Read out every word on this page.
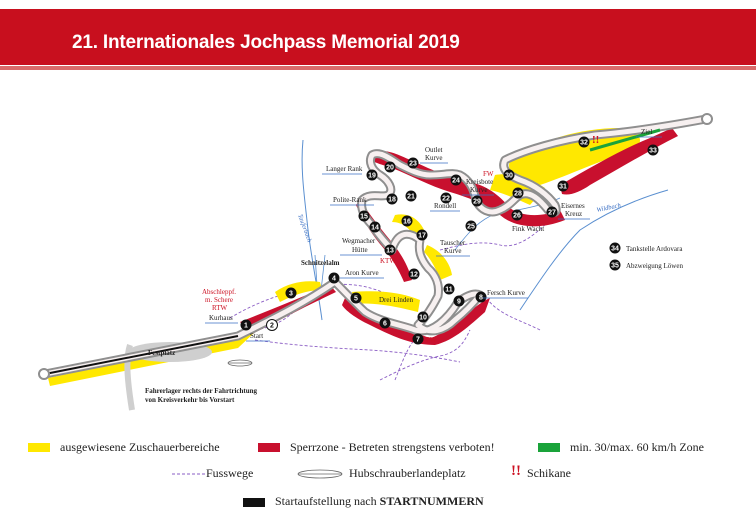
21. Internationales Jochpass Memorial 2019
1	2
3
4
5
6
7
8
9
10
11
12
13
14
15
16
17
18
19
20
21	22
23
24
25
26	27
28
29
30
31
32
33
34
35
!!
Langer Rank
Outlet
Kurve
FW
Kreisbote
Kurve
Ziel
Polite-Rank
Rondell	Eisernes
Kreuz
Wildbach
Fink Wacht
Wegmacher
Hütte
Tauscher
Kurve
KTW
Schnitzelalm
Aron Kurve
Tankstelle Ardovara
Abzweigung Löwen
Abschleppf.
m. Schere
RTW
Kurhaus
Drei Linden
Fersch Kurve
FW
Start
Festplatz
Fahrerlager rechts der Fahrtrichtung
von Kreisverkehr bis Vorstart
Tauferbach
ausgewiesene Zuschauerbereiche	Sperrzone - Betreten strengstens verboten!	min. 30/max. 60 km/h Zone
Fusswege	Hubschrauberlandeplatz	!! Schikane
Startaufstellung nach STARTNUMMERN
